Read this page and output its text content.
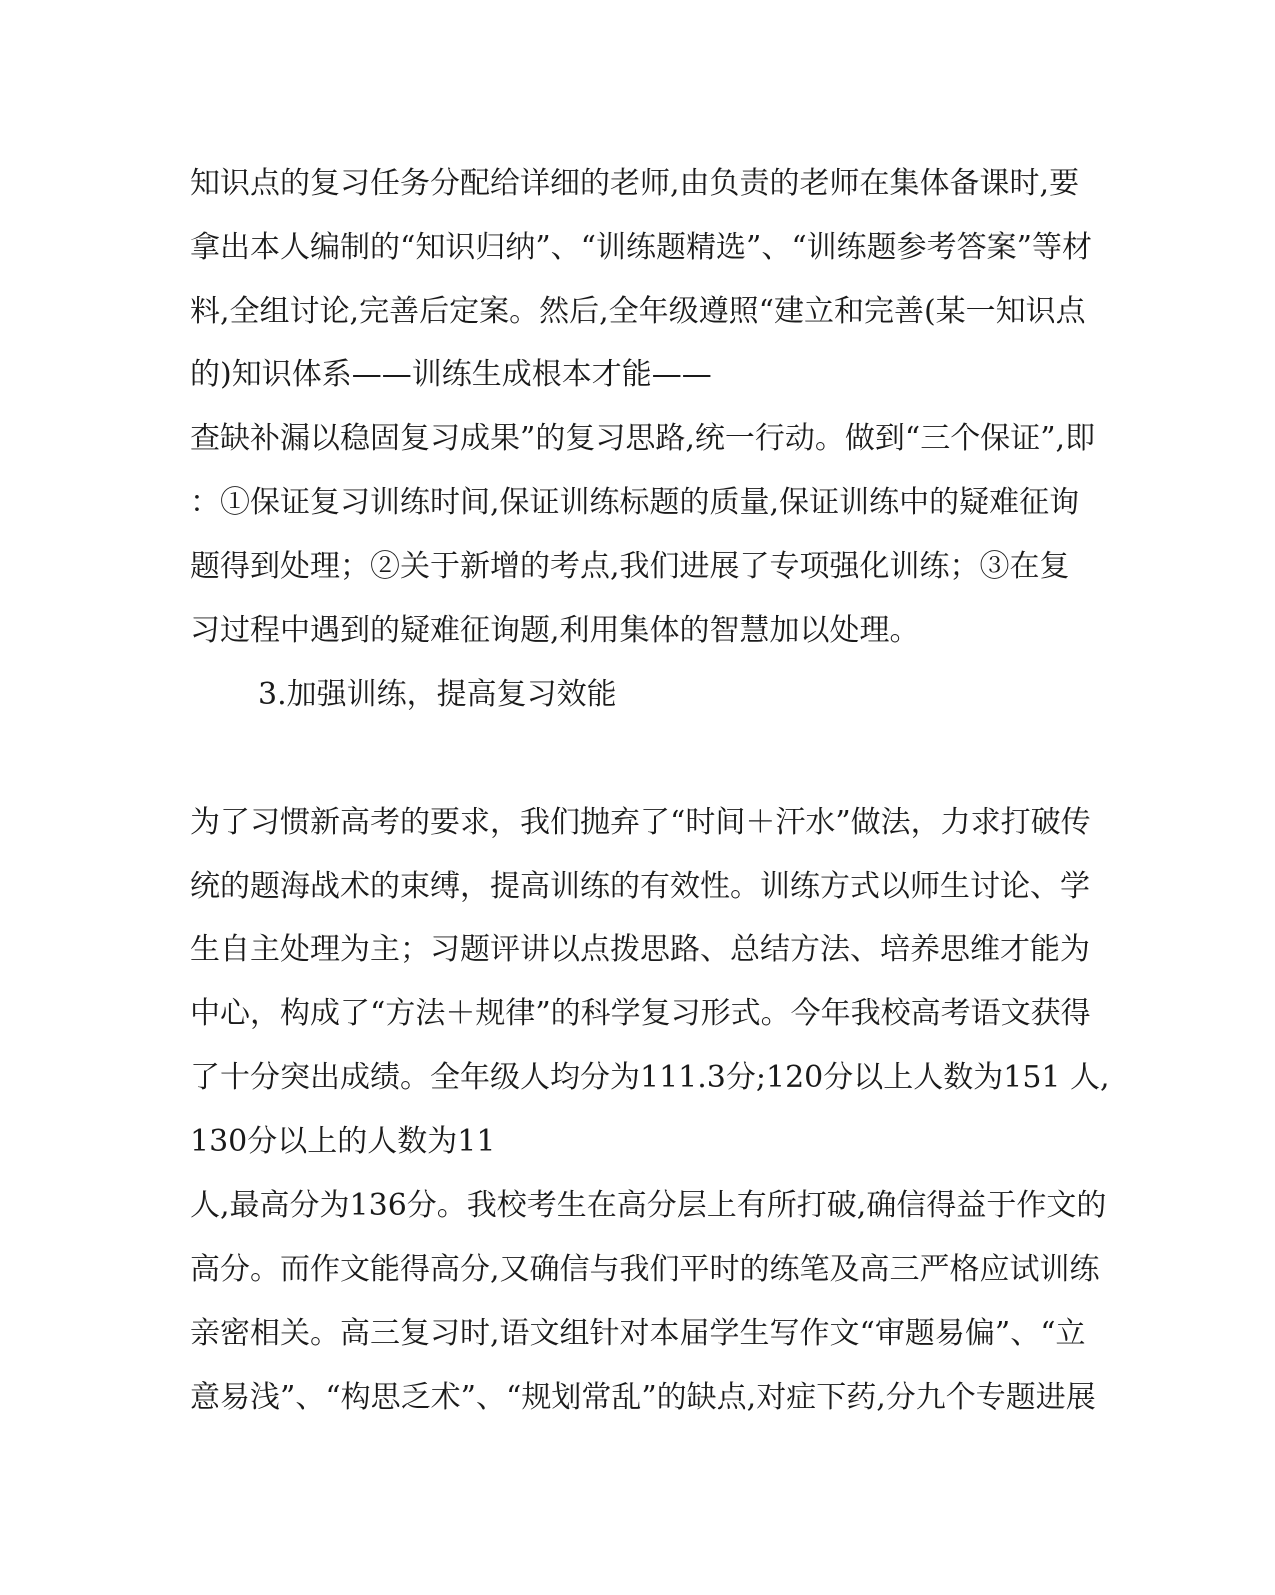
知识点的复习任务分配给详细的老师,由负责的老师在集体备课时,要
拿出本人编制的“知识归纳”、“训练题精选”、“训练题参考答案”等材
料,全组讨论,完善后定案。然后,全年级遵照“建立和完善(某一知识点
的)知识体系——训练生成根本才能——
查缺补漏以稳固复习成果”的复习思路,统一行动。做到“三个保证”,即
：①保证复习训练时间,保证训练标题的质量,保证训练中的疑难征询
题得到处理；②关于新增的考点,我们进展了专项强化训练；③在复
习过程中遇到的疑难征询题,利用集体的智慧加以处理。
3.加强训练，提高复习效能
为了习惯新高考的要求，我们抛弃了“时间＋汗水”做法，力求打破传
统的题海战术的束缚，提高训练的有效性。训练方式以师生讨论、学
生自主处理为主；习题评讲以点拨思路、总结方法、培养思维才能为
中心，构成了“方法＋规律”的科学复习形式。今年我校高考语文获得
了十分突出成绩。全年级人均分为111.3分;120分以上人数为151 人,
130分以上的人数为11
人,最高分为136分。我校考生在高分层上有所打破,确信得益于作文的
高分。而作文能得高分,又确信与我们平时的练笔及高三严格应试训练
亲密相关。高三复习时,语文组针对本届学生写作文“审题易偏”、“立
意易浅”、“构思乏术”、“规划常乱”的缺点,对症下药,分九个专题进展
